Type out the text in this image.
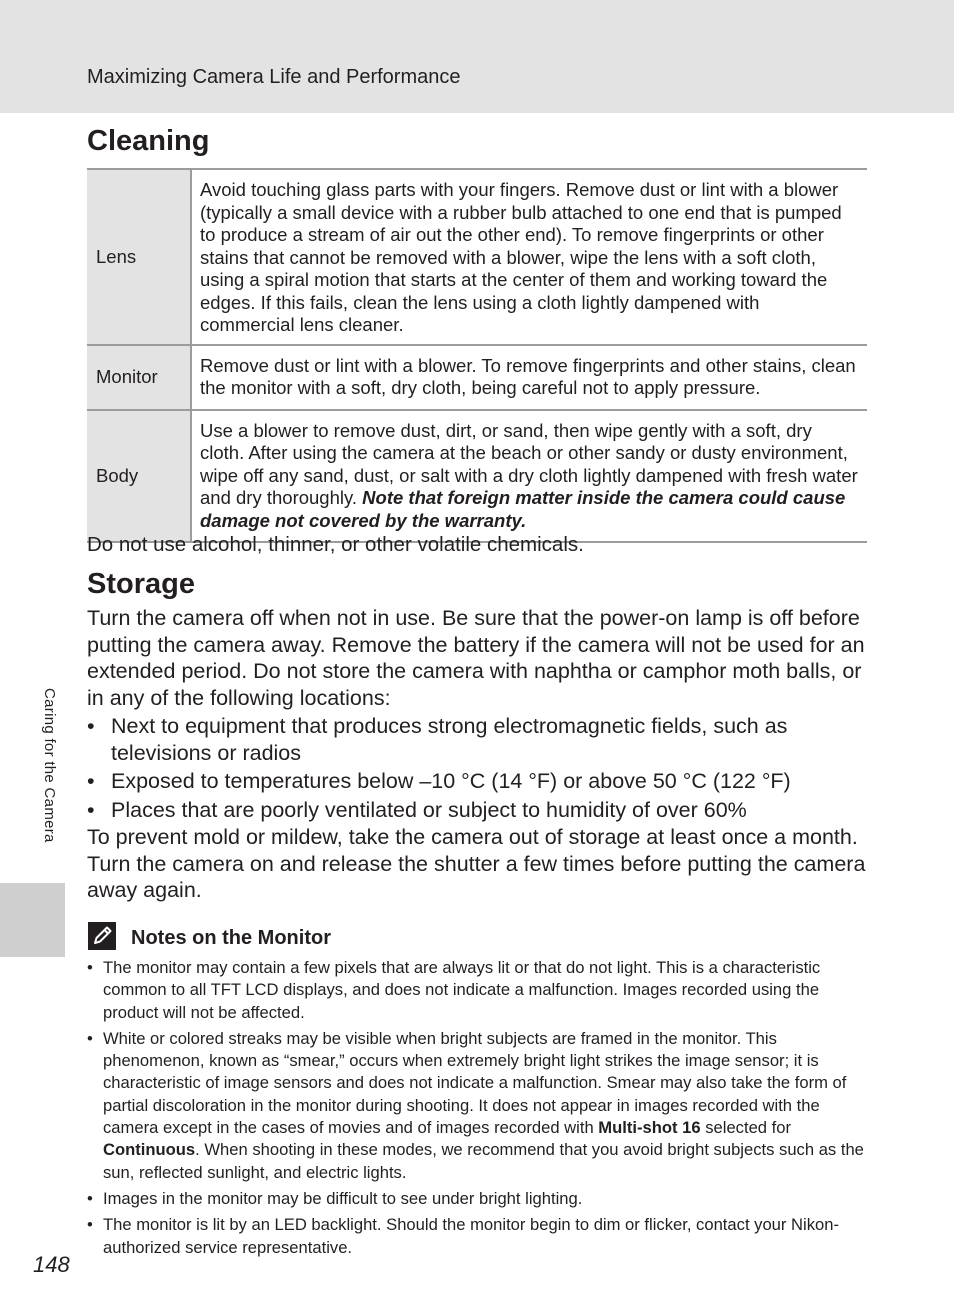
Maximizing Camera Life and Performance
Cleaning
Lens	Avoid touching glass parts with your fingers. Remove dust or lint with a blower (typically a small device with a rubber bulb attached to one end that is pumped to produce a stream of air out the other end). To remove fingerprints or other stains that cannot be removed with a blower, wipe the lens with a soft cloth, using a spiral motion that starts at the center of them and working toward the edges. If this fails, clean the lens using a cloth lightly dampened with commercial lens cleaner.
Monitor	Remove dust or lint with a blower. To remove fingerprints and other stains, clean the monitor with a soft, dry cloth, being careful not to apply pressure.
Body	Use a blower to remove dust, dirt, or sand, then wipe gently with a soft, dry cloth. After using the camera at the beach or other sandy or dusty environment, wipe off any sand, dust, or salt with a dry cloth lightly dampened with fresh water and dry thoroughly. Note that foreign matter inside the camera could cause damage not covered by the warranty.
Do not use alcohol, thinner, or other volatile chemicals.
Storage

Turn the camera off when not in use. Be sure that the power-on lamp is off before putting the camera away. Remove the battery if the camera will not be used for an extended period. Do not store the camera with naphtha or camphor moth balls, or in any of the following locations:

• Next to equipment that produces strong electromagnetic fields, such as televisions or radios
• Exposed to temperatures below –10 °C (14 °F) or above 50 °C (122 °F)
• Places that are poorly ventilated or subject to humidity of over 60%

To prevent mold or mildew, take the camera out of storage at least once a month. Turn the camera on and release the shutter a few times before putting the camera away again.

Caring for the Camera
Notes on the Monitor
• The monitor may contain a few pixels that are always lit or that do not light. This is a characteristic common to all TFT LCD displays, and does not indicate a malfunction. Images recorded using the product will not be affected.
• White or colored streaks may be visible when bright subjects are framed in the monitor. This phenomenon, known as “smear,” occurs when extremely bright light strikes the image sensor; it is characteristic of image sensors and does not indicate a malfunction. Smear may also take the form of partial discoloration in the monitor during shooting. It does not appear in images recorded with the camera except in the cases of movies and of images recorded with Multi-shot 16 selected for Continuous. When shooting in these modes, we recommend that you avoid bright subjects such as the sun, reflected sunlight, and electric lights.
• Images in the monitor may be difficult to see under bright lighting.
• The monitor is lit by an LED backlight. Should the monitor begin to dim or flicker, contact your Nikon-authorized service representative.
148
